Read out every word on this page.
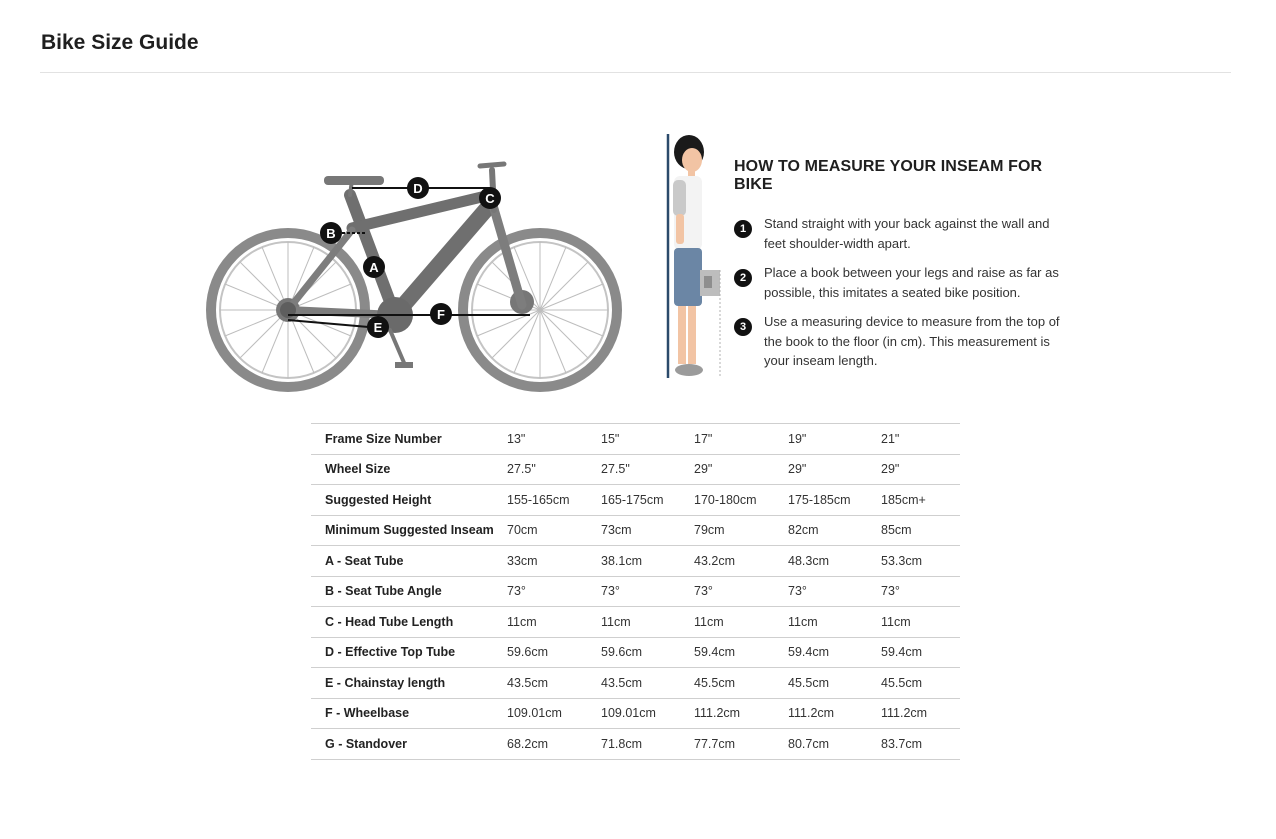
Bike Size Guide
D
C
B
A
F
E
HOW TO MEASURE YOUR INSEAM FOR BIKE
1	Stand straight with your back against the wall and feet shoulder-width apart.
2	Place a book between your legs and raise as far as possible, this imitates a seated bike position.
3	Use a measuring device to measure from the top of the book to the floor (in cm). This measurement is your inseam length.
Frame Size Number	13"	15"	17"	19"	21"
Wheel Size	27.5"	27.5"	29"	29"	29"
Suggested Height	155-165cm	165-175cm	170-180cm	175-185cm	185cm+
Minimum Suggested Inseam	70cm	73cm	79cm	82cm	85cm
A - Seat Tube	33cm	38.1cm	43.2cm	48.3cm	53.3cm
B - Seat Tube Angle	73°	73°	73°	73°	73°
C - Head Tube Length	11cm	11cm	11cm	11cm	11cm
D - Effective Top Tube	59.6cm	59.6cm	59.4cm	59.4cm	59.4cm
E - Chainstay length	43.5cm	43.5cm	45.5cm	45.5cm	45.5cm
F - Wheelbase	109.01cm	109.01cm	111.2cm	111.2cm	111.2cm
G - Standover	68.2cm	71.8cm	77.7cm	80.7cm	83.7cm
